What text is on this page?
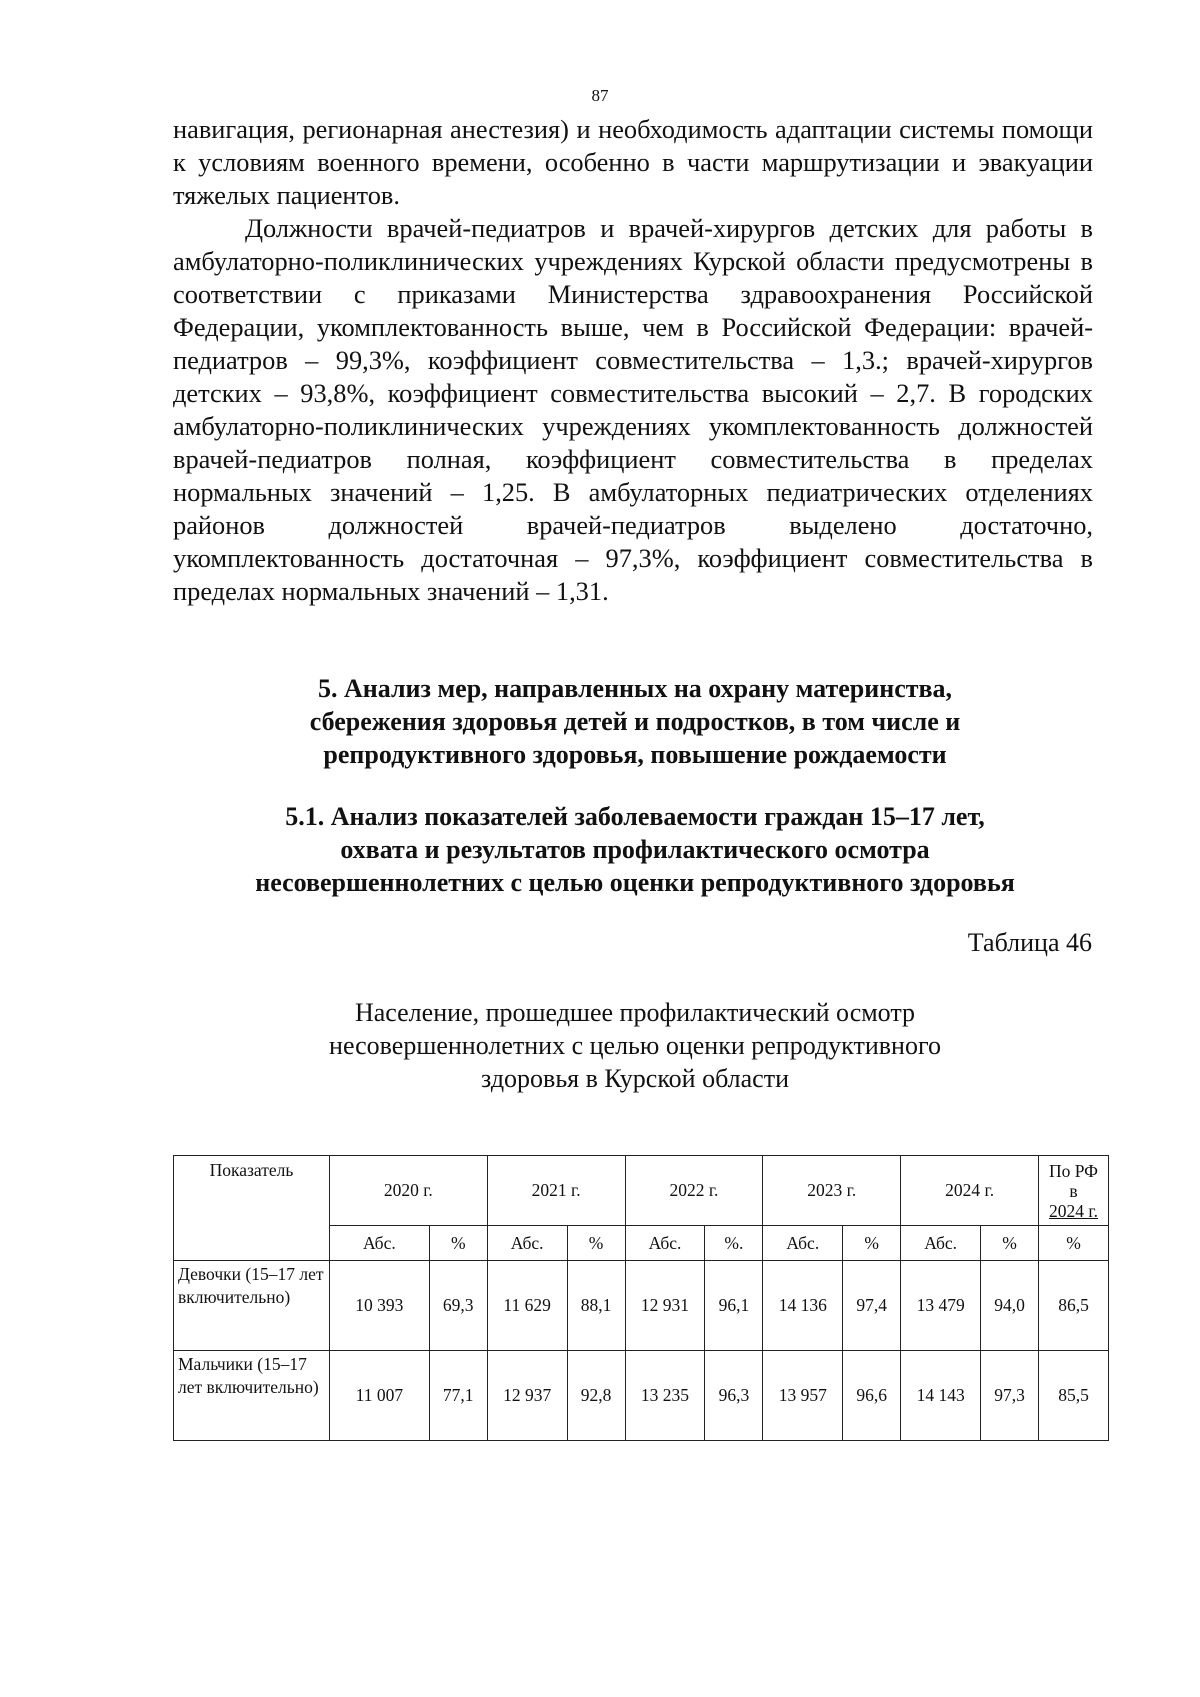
87

навигация, регионарная анестезия) и необходимость адаптации системы помощи к условиям военного времени, особенно в части маршрутизации и эвакуации тяжелых пациентов.

Должности врачей-педиатров и врачей-хирургов детских для работы в амбулаторно-поликлинических учреждениях Курской области предусмотрены в соответствии с приказами Министерства здравоохранения Российской Федерации, укомплектованность выше, чем в Российской Федерации: врачей-педиатров – 99,3%, коэффициент совместительства – 1,3.; врачей-хирургов детских – 93,8%, коэффициент совместительства высокий – 2,7. В городских амбулаторно-поликлинических учреждениях укомплектованность должностей врачей-педиатров полная, коэффициент совместительства в пределах нормальных значений – 1,25. В амбулаторных педиатрических отделениях районов должностей врачей-педиатров выделено достаточно, укомплектованность достаточная – 97,3%, коэффициент совместительства в пределах нормальных значений – 1,31.

5. Анализ мер, направленных на охрану материнства,
сбережения здоровья детей и подростков, в том числе и
репродуктивного здоровья, повышение рождаемости
5.1. Анализ показателей заболеваемости граждан 15–17 лет,
охвата и результатов профилактического осмотра
несовершеннолетних с целью оценки репродуктивного здоровья
Таблица 46
Население, прошедшее профилактический осмотр
несовершеннолетних с целью оценки репродуктивного
здоровья в Курской области
Показатель	2020 г.		2021 г.		2022 г.		2023 г.		2024 г.		По РФ
в
2024 г.

	Абс.	%	Абс.	%	Абс.	%.	Абс.	%	Абс.	%	%
Девочки (15–17 лет включительно)	10 393	69,3	11 629	88,1	12 931	96,1	14 136	97,4	13 479	94,0	86,5
Мальчики (15–17 лет включительно)	11 007	77,1	12 937	92,8	13 235	96,3	13 957	96,6	14 143	97,3	85,5
